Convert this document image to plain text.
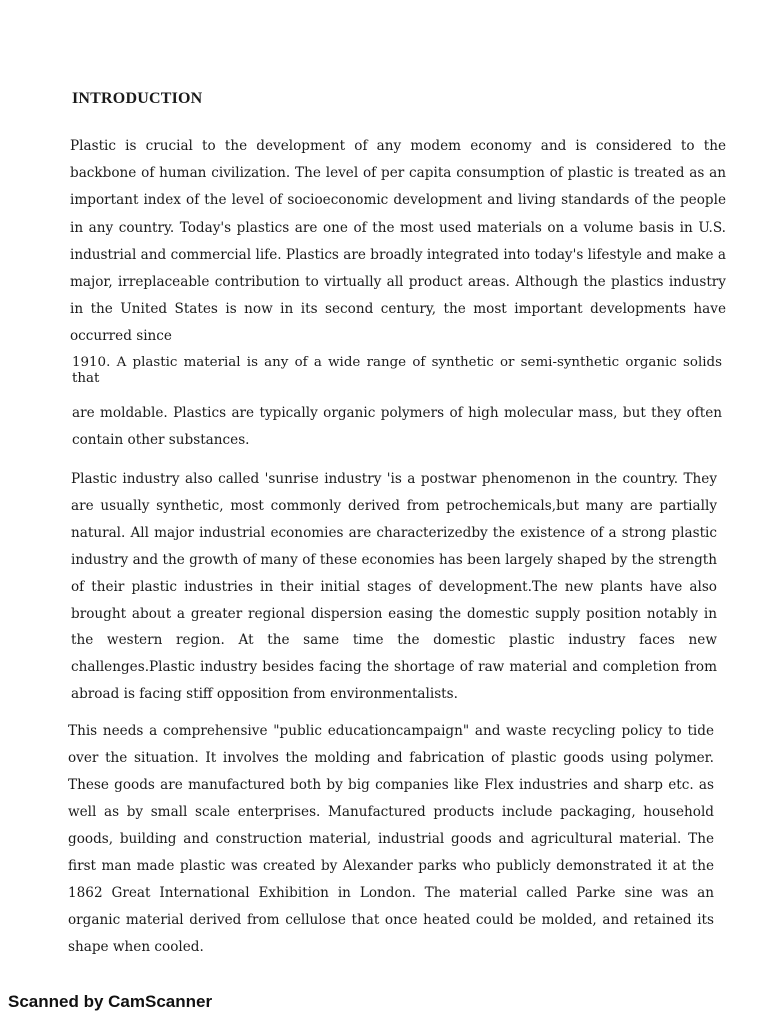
INTRODUCTION

Plastic is crucial to the development of any modem economy and is considered to the backbone of human civilization. The level of per capita consumption of plastic is treated as an important index of the level of socioeconomic development and living standards of the people in any country. Today's plastics are one of the most used materials on a volume basis in U.S. industrial and commercial life. Plastics are broadly integrated into today's lifestyle and make a major, irreplaceable contribution to virtually all product areas. Although the plastics industry in the United States is now in its second century, the most important developments have occurred since

1910. A plastic material is any of a wide range of synthetic or semi-synthetic organic solids that

are moldable. Plastics are typically organic polymers of high molecular mass, but they often contain other substances.

Plastic industry also called 'sunrise industry 'is a postwar phenomenon in the country. They are usually synthetic, most commonly derived from petrochemicals,but many are partially natural. All major industrial economies are characterizedby the existence of a strong plastic industry and the growth of many of these economies has been largely shaped by the strength of their plastic industries in their initial stages of development.The new plants have also brought about a greater regional dispersion easing the domestic supply position notably in the western region. At the same time the domestic plastic industry faces new challenges.Plastic industry besides facing the shortage of raw material and completion from abroad is facing stiff opposition from environmentalists.

This needs a comprehensive "public educationcampaign" and waste recycling policy to tide over the situation. It involves the molding and fabrication of plastic goods using polymer. These goods are manufactured both by big companies like Flex industries and sharp etc. as well as by small scale enterprises. Manufactured products include packaging, household goods, building and construction material, industrial goods and agricultural material. The first man made plastic was created by Alexander parks who publicly demonstrated it at the 1862 Great International Exhibition in London. The material called Parke sine was an organic material derived from cellulose that once heated could be molded, and retained its shape when cooled.

Scanned by CamScanner
